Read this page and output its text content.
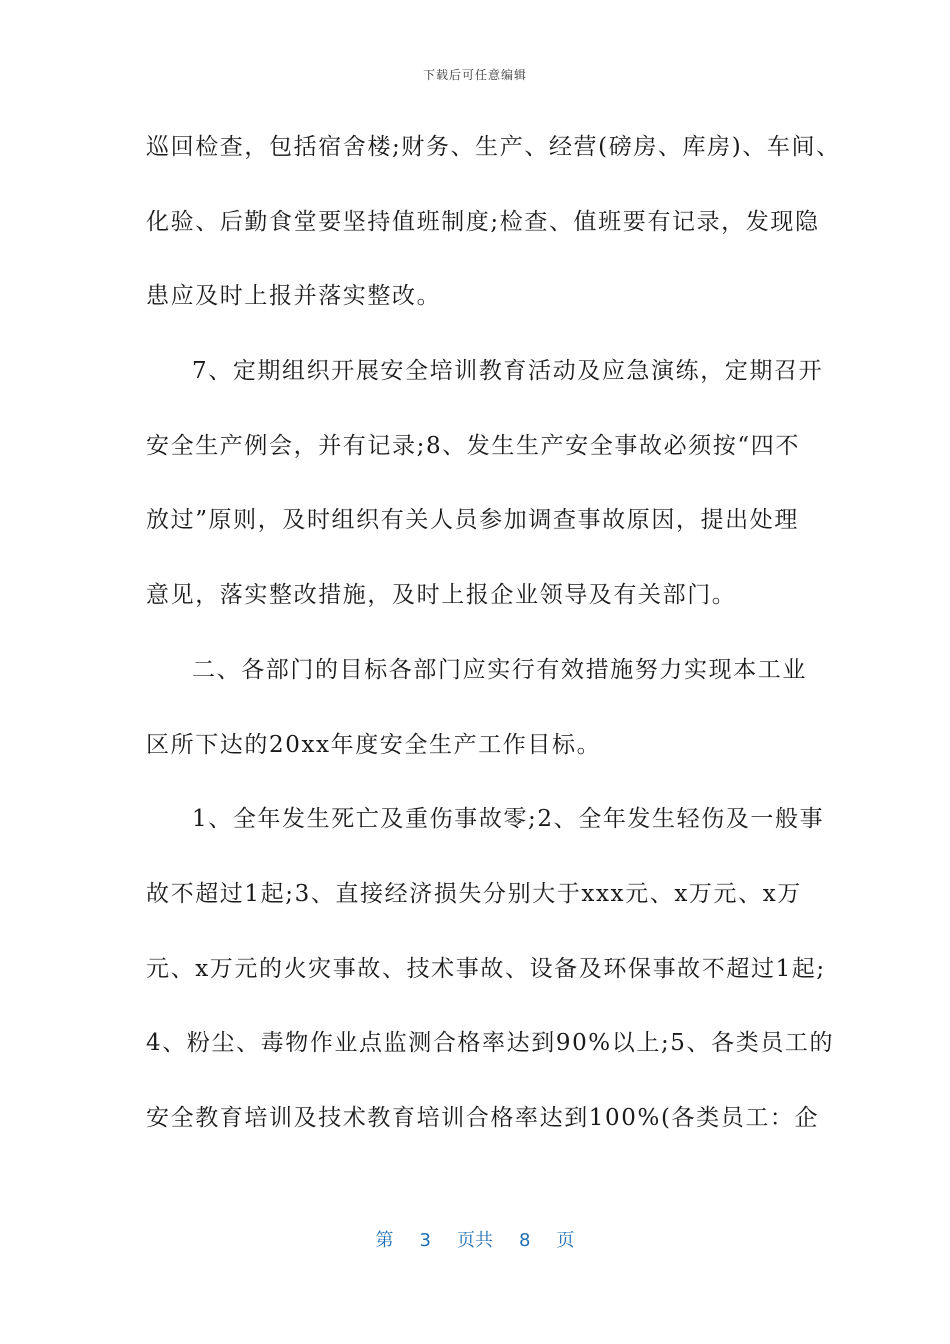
下载后可任意编辑
巡回检查，包括宿舍楼;财务、生产、经营(磅房、库房)、车间、
化验、后勤食堂要坚持值班制度;检查、值班要有记录，发现隐
患应及时上报并落实整改。
7、定期组织开展安全培训教育活动及应急演练，定期召开
安全生产例会，并有记录;8、发生生产安全事故必须按“四不
放过”原则，及时组织有关人员参加调查事故原因，提出处理
意见，落实整改措施，及时上报企业领导及有关部门。
二、各部门的目标各部门应实行有效措施努力实现本工业
区所下达的20xx年度安全生产工作目标。
1、全年发生死亡及重伤事故零;2、全年发生轻伤及一般事
故不超过1起;3、直接经济损失分别大于xxx元、x万元、x万
元、x万元的火灾事故、技术事故、设备及环保事故不超过1起;
4、粉尘、毒物作业点监测合格率达到90%以上;5、各类员工的
安全教育培训及技术教育培训合格率达到100%(各类员工：企
第 3 页共 8 页
